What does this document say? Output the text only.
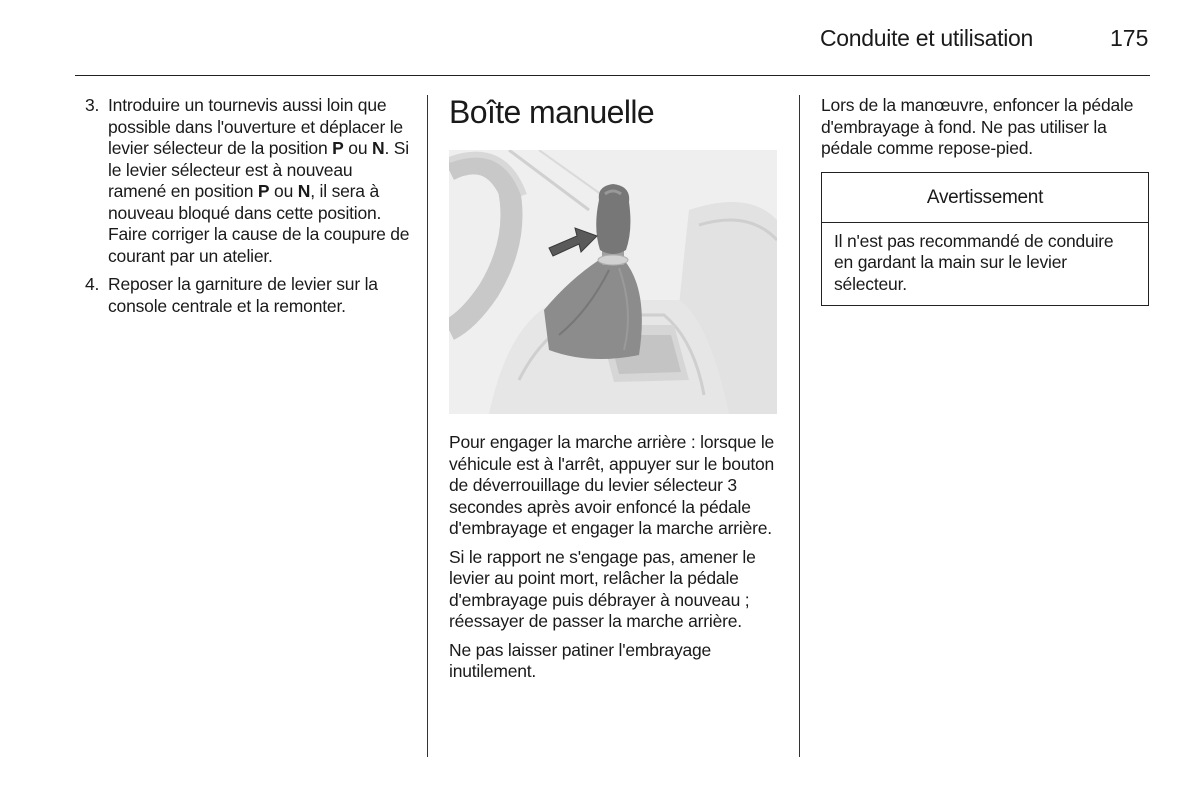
Conduite et utilisation	175
3. Introduire un tournevis aussi loin que possible dans l'ouverture et déplacer le levier sélecteur de la position P ou N. Si le levier sélecteur est à nouveau ramené en position P ou N, il sera à nouveau bloqué dans cette position. Faire corriger la cause de la coupure de courant par un atelier.
4. Reposer la garniture de levier sur la console centrale et la remonter.
Boîte manuelle

Pour engager la marche arrière : lorsque le véhicule est à l'arrêt, appuyer sur le bouton de déverrouillage du levier sélecteur 3 secondes après avoir enfoncé la pédale d'embrayage et engager la marche arrière.

Si le rapport ne s'engage pas, amener le levier au point mort, relâcher la pédale d'embrayage puis débrayer à nouveau ; réessayer de passer la marche arrière.

Ne pas laisser patiner l'embrayage inutilement.

Lors de la manœuvre, enfoncer la pédale d'embrayage à fond. Ne pas utiliser la pédale comme repose-pied.

Avertissement
Il n'est pas recommandé de conduire en gardant la main sur le levier sélecteur.
